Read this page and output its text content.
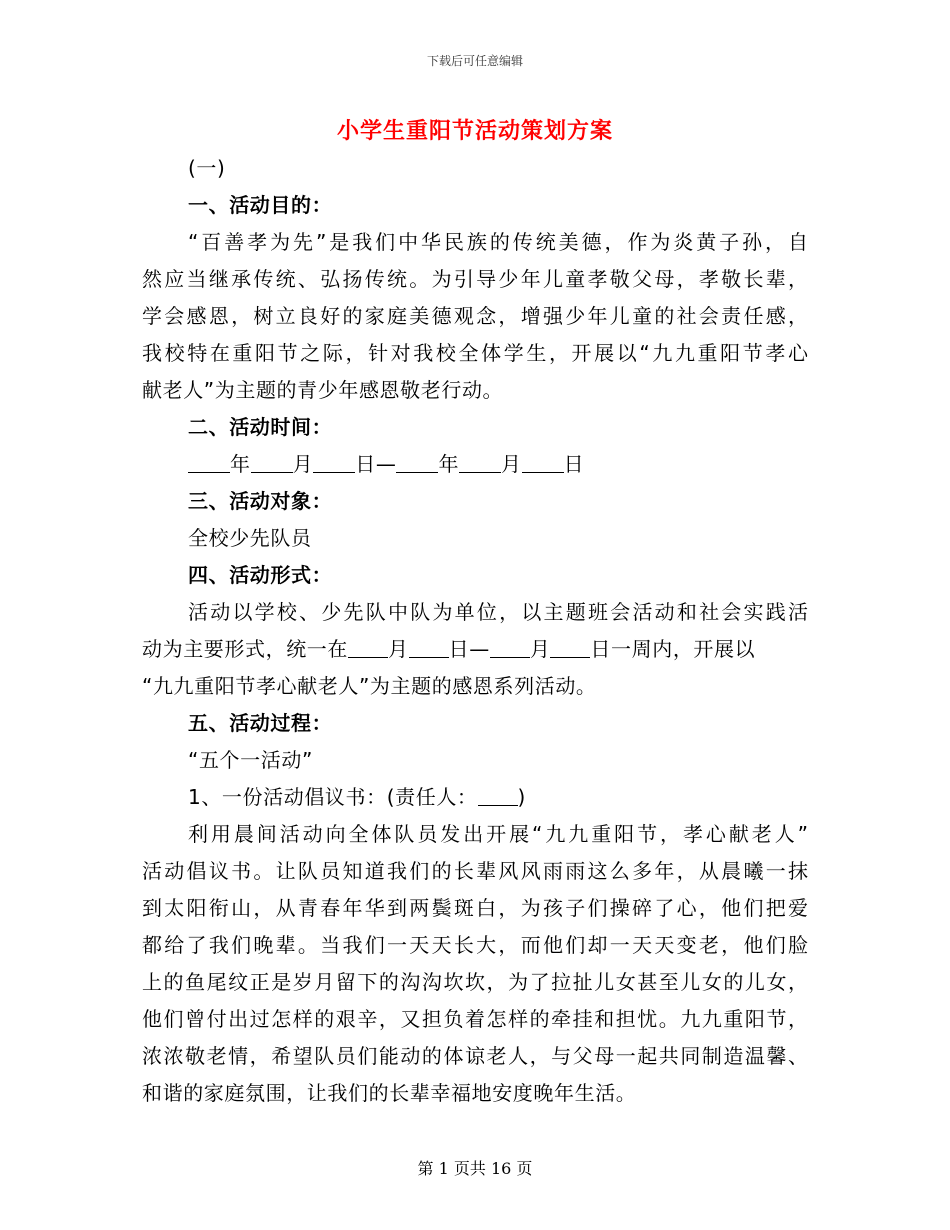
下载后可任意编辑
小学生重阳节活动策划方案
(一)
一、活动目的：
“百善孝为先”是我们中华民族的传统美德，作为炎黄子孙，自
然应当继承传统、弘扬传统。为引导少年儿童孝敬父母，孝敬长辈，
学会感恩，树立良好的家庭美德观念，增强少年儿童的社会责任感，
我校特在重阳节之际，针对我校全体学生，开展以“九九重阳节孝心
献老人”为主题的青少年感恩敬老行动。
二、活动时间：
年 月 日— 年 月 日
三、活动对象：
全校少先队员
四、活动形式：
活动以学校、少先队中队为单位，以主题班会活动和社会实践活
动为主要形式，统一在 月 日— 月 日一周内，开展以
“九九重阳节孝心献老人”为主题的感恩系列活动。
五、活动过程：
“五个一活动”
1、一份活动倡议书：(责任人： )
利用晨间活动向全体队员发出开展“九九重阳节，孝心献老人”
活动倡议书。让队员知道我们的长辈风风雨雨这么多年，从晨曦一抹
到太阳衔山，从青春年华到两鬓斑白，为孩子们操碎了心，他们把爱
都给了我们晚辈。当我们一天天长大，而他们却一天天变老，他们脸
上的鱼尾纹正是岁月留下的沟沟坎坎，为了拉扯儿女甚至儿女的儿女，
他们曾付出过怎样的艰辛，又担负着怎样的牵挂和担忧。九九重阳节，
浓浓敬老情，希望队员们能动的体谅老人，与父母一起共同制造温馨、
和谐的家庭氛围，让我们的长辈幸福地安度晚年生活。
第 1 页共 16 页
